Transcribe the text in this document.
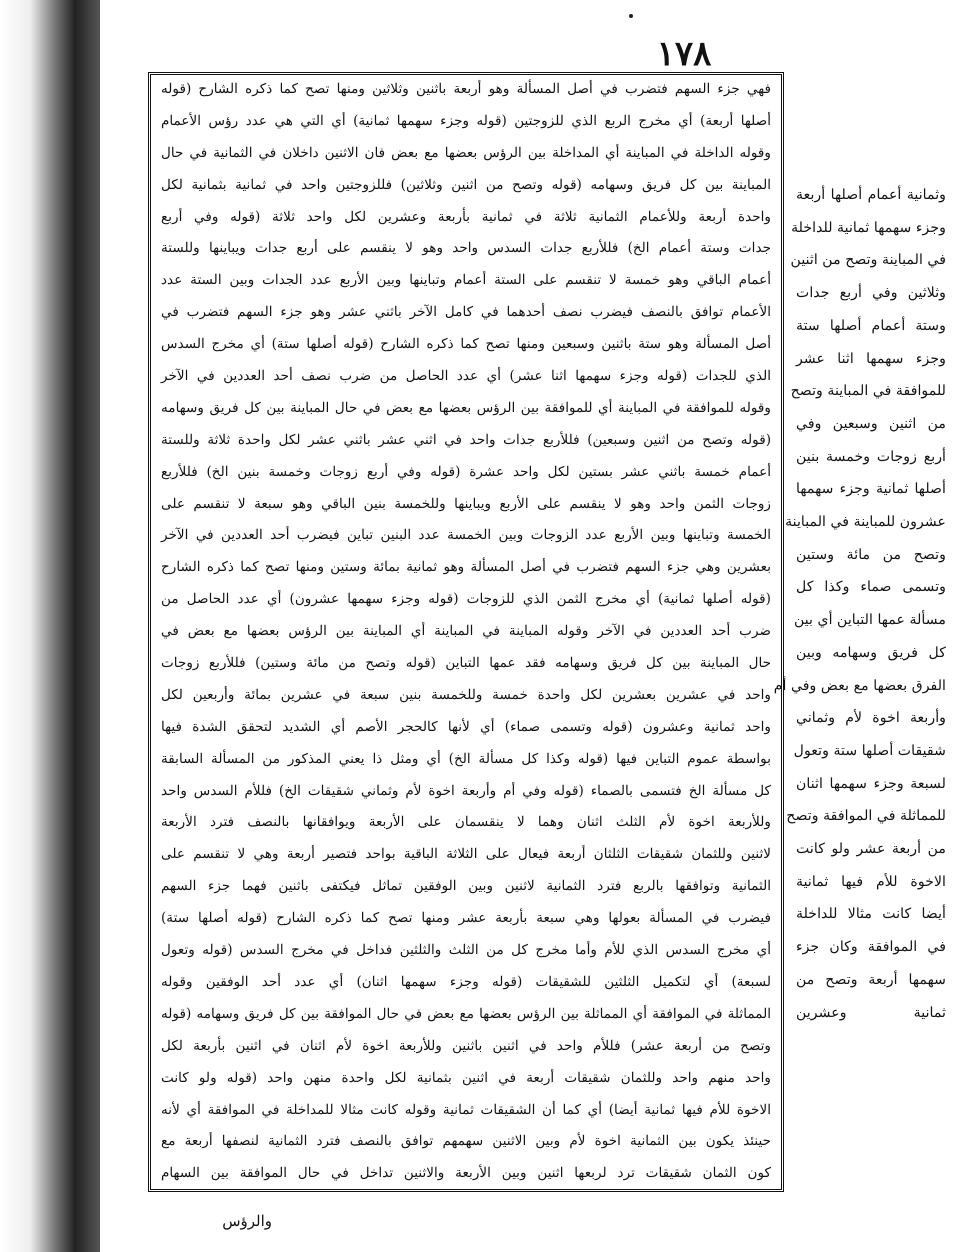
١٧٨
فهي جزء السهم فتضرب في أصل المسألة وهو أربعة باثنين وثلاثين ومنها تصح كما ذكره الشارح (قوله
أصلها أربعة) أي مخرج الربع الذي للزوجتين (قوله وجزء سهمها ثمانية) أي التي هي عدد رؤس الأعمام
وقوله الداخلة في المباينة أي المداخلة بين الرؤس بعضها مع بعض فان الاثنين داخلان في الثمانية في حال
المباينة بين كل فريق وسهامه (قوله وتصح من اثنين وثلاثين) فللزوجتين واحد في ثمانية بثمانية لكل
واحدة أربعة وللأعمام الثمانية ثلاثة في ثمانية بأربعة وعشرين لكل واحد ثلاثة (قوله وفي أربع
جدات وستة أعمام الخ) فللأربع جدات السدس واحد وهو لا ينقسم على أربع جدات ويباينها وللستة
أعمام الباقي وهو خمسة لا تنقسم على الستة أعمام وتباينها وبين الأربع عدد الجدات وبين الستة عدد
الأعمام توافق بالنصف فيضرب نصف أحدهما في كامل الآخر باثني عشر وهو جزء السهم فتضرب في
أصل المسألة وهو ستة باثنين وسبعين ومنها تصح كما ذكره الشارح (قوله أصلها ستة) أي مخرج السدس
الذي للجدات (قوله وجزء سهمها اثنا عشر) أي عدد الحاصل من ضرب نصف أحد العددين في الآخر
وقوله للموافقة في المباينة أي للموافقة بين الرؤس بعضها مع بعض في حال المباينة بين كل فريق وسهامه
(قوله وتصح من اثنين وسبعين) فللأربع جدات واحد في اثني عشر باثني عشر لكل واحدة ثلاثة وللستة
أعمام خمسة باثني عشر بستين لكل واحد عشرة (قوله وفي أربع زوجات وخمسة بنين الخ) فللأربع
زوجات الثمن واحد وهو لا ينقسم على الأربع ويباينها وللخمسة بنين الباقي وهو سبعة لا تنقسم على
الخمسة وتباينها وبين الأربع عدد الزوجات وبين الخمسة عدد البنين تباين فيضرب أحد العددين في الآخر
بعشرين وهي جزء السهم فتضرب في أصل المسألة وهو ثمانية بمائة وستين ومنها تصح كما ذكره الشارح
(قوله أصلها ثمانية) أي مخرج الثمن الذي للزوجات (قوله وجزء سهمها عشرون) أي عدد الحاصل من
ضرب أحد العددين في الآخر وقوله المباينة في المباينة أي المباينة بين الرؤس بعضها مع بعض في
حال المباينة بين كل فريق وسهامه فقد عمها التباين (قوله وتصح من مائة وستين) فللأربع زوجات
واحد في عشرين بعشرين لكل واحدة خمسة وللخمسة بنين سبعة في عشرين بمائة وأربعين لكل
واحد ثمانية وعشرون (قوله وتسمى صماء) أي لأنها كالحجر الأصم أي الشديد لتحقق الشدة فيها
بواسطة عموم التباين فيها (قوله وكذا كل مسألة الخ) أي ومثل ذا يعني المذكور من المسألة السابقة
كل مسألة الخ فتسمى بالصماء (قوله وفي أم وأربعة اخوة لأم وثماني شقيقات الخ) فللأم السدس واحد
وللأربعة اخوة لأم الثلث اثنان وهما لا ينقسمان على الأربعة ويوافقانها بالنصف فترد الأربعة
لاثنين وللثمان شقيقات الثلثان أربعة فيعال على الثلاثة الباقية بواحد فتصير أربعة وهي لا تنقسم على
الثمانية وتوافقها بالربع فترد الثمانية لاثنين وبين الوفقين تماثل فيكتفى باثنين فهما جزء السهم
فيضرب في المسألة بعولها وهي سبعة بأربعة عشر ومنها تصح كما ذكره الشارح (قوله أصلها ستة)
أي مخرج السدس الذي للأم وأما مخرج كل من الثلث والثلثين فداخل في مخرج السدس (قوله وتعول
لسبعة) أي لتكميل الثلثين للشقيقات (قوله وجزء سهمها اثنان) أي عدد أحد الوفقين وقوله
المماثلة في الموافقة أي المماثلة بين الرؤس بعضها مع بعض في حال الموافقة بين كل فريق وسهامه (قوله
وتصح من أربعة عشر) فللأم واحد في اثنين باثنين وللأربعة اخوة لأم اثنان في اثنين بأربعة لكل
واحد منهم واحد وللثمان شقيقات أربعة في اثنين بثمانية لكل واحدة منهن واحد (قوله ولو كانت
الاخوة للأم فيها ثمانية أيضا) أي كما أن الشقيقات ثمانية وقوله كانت مثالا للمداخلة في الموافقة أي لأنه
حينئذ يكون بين الثمانية اخوة لأم وبين الاثنين سهمهم توافق بالنصف فترد الثمانية لنصفها أربعة مع
كون الثمان شقيقات ترد لربعها اثنين وبين الأربعة والاثنين تداخل في حال الموافقة بين السهام
وثمانية أعمام أصلها أربعة
وجزء سهمها ثمانية للداخلة
في المباينة وتصح من اثنين
وثلاثين وفي أربع جدات
وستة أعمام أصلها ستة
وجزء سهمها اثنا عشر
للموافقة في المباينة وتصح
من اثنين وسبعين وفي
أربع زوجات وخمسة بنين
أصلها ثمانية وجزء سهمها
عشرون للمباينة في المباينة
وتصح من مائة وستين
وتسمى صماء وكذا كل
مسألة عمها التباين أي بين
كل فريق وسهامه وبين
الفرق بعضها مع بعض وفي أم
وأربعة اخوة لأم وثماني
شقيقات أصلها ستة وتعول
لسبعة وجزء سهمها اثنان
للمماثلة في الموافقة وتصح
من أربعة عشر ولو كانت
الاخوة للأم فيها ثمانية
أيضا كانت مثالا للداخلة
في الموافقة وكان جزء
سهمها أربعة وتصح من
ثمانية وعشرين
والرؤس
